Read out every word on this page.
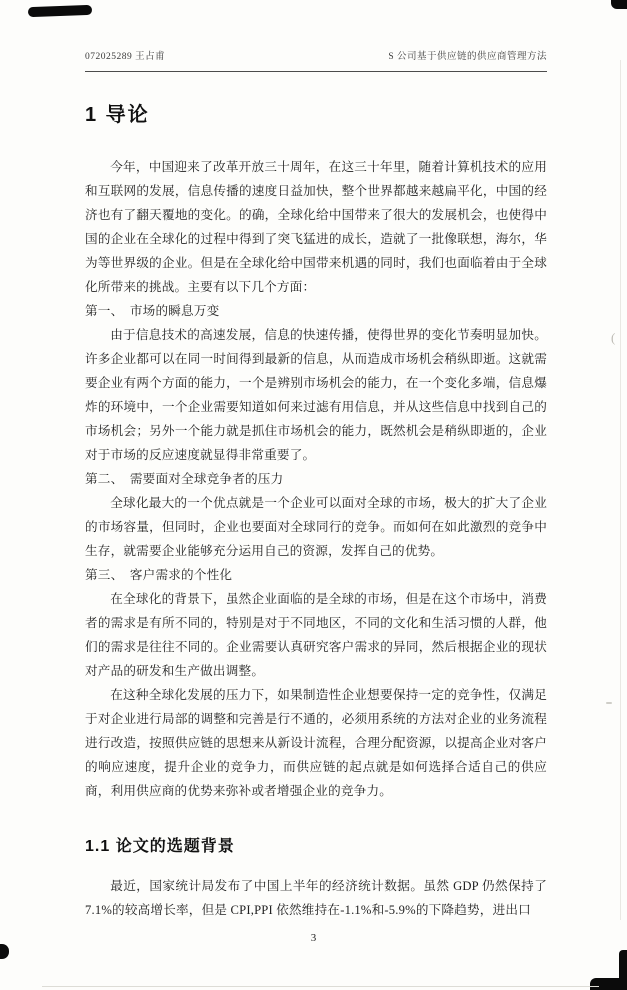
(
072025289 王占甫	S 公司基于供应链的供应商管理方法
1 导论

今年，中国迎来了改革开放三十周年，在这三十年里，随着计算机技术的应用和互联网的发展，信息传播的速度日益加快，整个世界都越来越扁平化，中国的经济也有了翻天覆地的变化。的确，全球化给中国带来了很大的发展机会，也使得中国的企业在全球化的过程中得到了突飞猛进的成长，造就了一批像联想，海尔，华为等世界级的企业。但是在全球化给中国带来机遇的同时，我们也面临着由于全球化所带来的挑战。主要有以下几个方面：

第一、　市场的瞬息万变

由于信息技术的高速发展，信息的快速传播，使得世界的变化节奏明显加快。许多企业都可以在同一时间得到最新的信息，从而造成市场机会稍纵即逝。这就需要企业有两个方面的能力，一个是辨别市场机会的能力，在一个变化多端，信息爆炸的环境中，一个企业需要知道如何来过滤有用信息，并从这些信息中找到自己的市场机会；另外一个能力就是抓住市场机会的能力，既然机会是稍纵即逝的，企业对于市场的反应速度就显得非常重要了。

第二、　需要面对全球竞争者的压力

全球化最大的一个优点就是一个企业可以面对全球的市场，极大的扩大了企业的市场容量，但同时，企业也要面对全球同行的竞争。而如何在如此激烈的竞争中生存，就需要企业能够充分运用自己的资源，发挥自己的优势。

第三、　客户需求的个性化

在全球化的背景下，虽然企业面临的是全球的市场，但是在这个市场中，消费者的需求是有所不同的，特别是对于不同地区，不同的文化和生活习惯的人群，他们的需求是往往不同的。企业需要认真研究客户需求的异同，然后根据企业的现状对产品的研发和生产做出调整。

在这种全球化发展的压力下，如果制造性企业想要保持一定的竞争性，仅满足于对企业进行局部的调整和完善是行不通的，必须用系统的方法对企业的业务流程进行改造，按照供应链的思想来从新设计流程，合理分配资源，以提高企业对客户的响应速度，提升企业的竞争力，而供应链的起点就是如何选择合适自己的供应商，利用供应商的优势来弥补或者增强企业的竞争力。

1.1 论文的选题背景

最近，国家统计局发布了中国上半年的经济统计数据。虽然 GDP 仍然保持了7.1%的较高增长率，但是 CPI,PPI 依然维持在-1.1%和-5.9%的下降趋势，进出口

3
